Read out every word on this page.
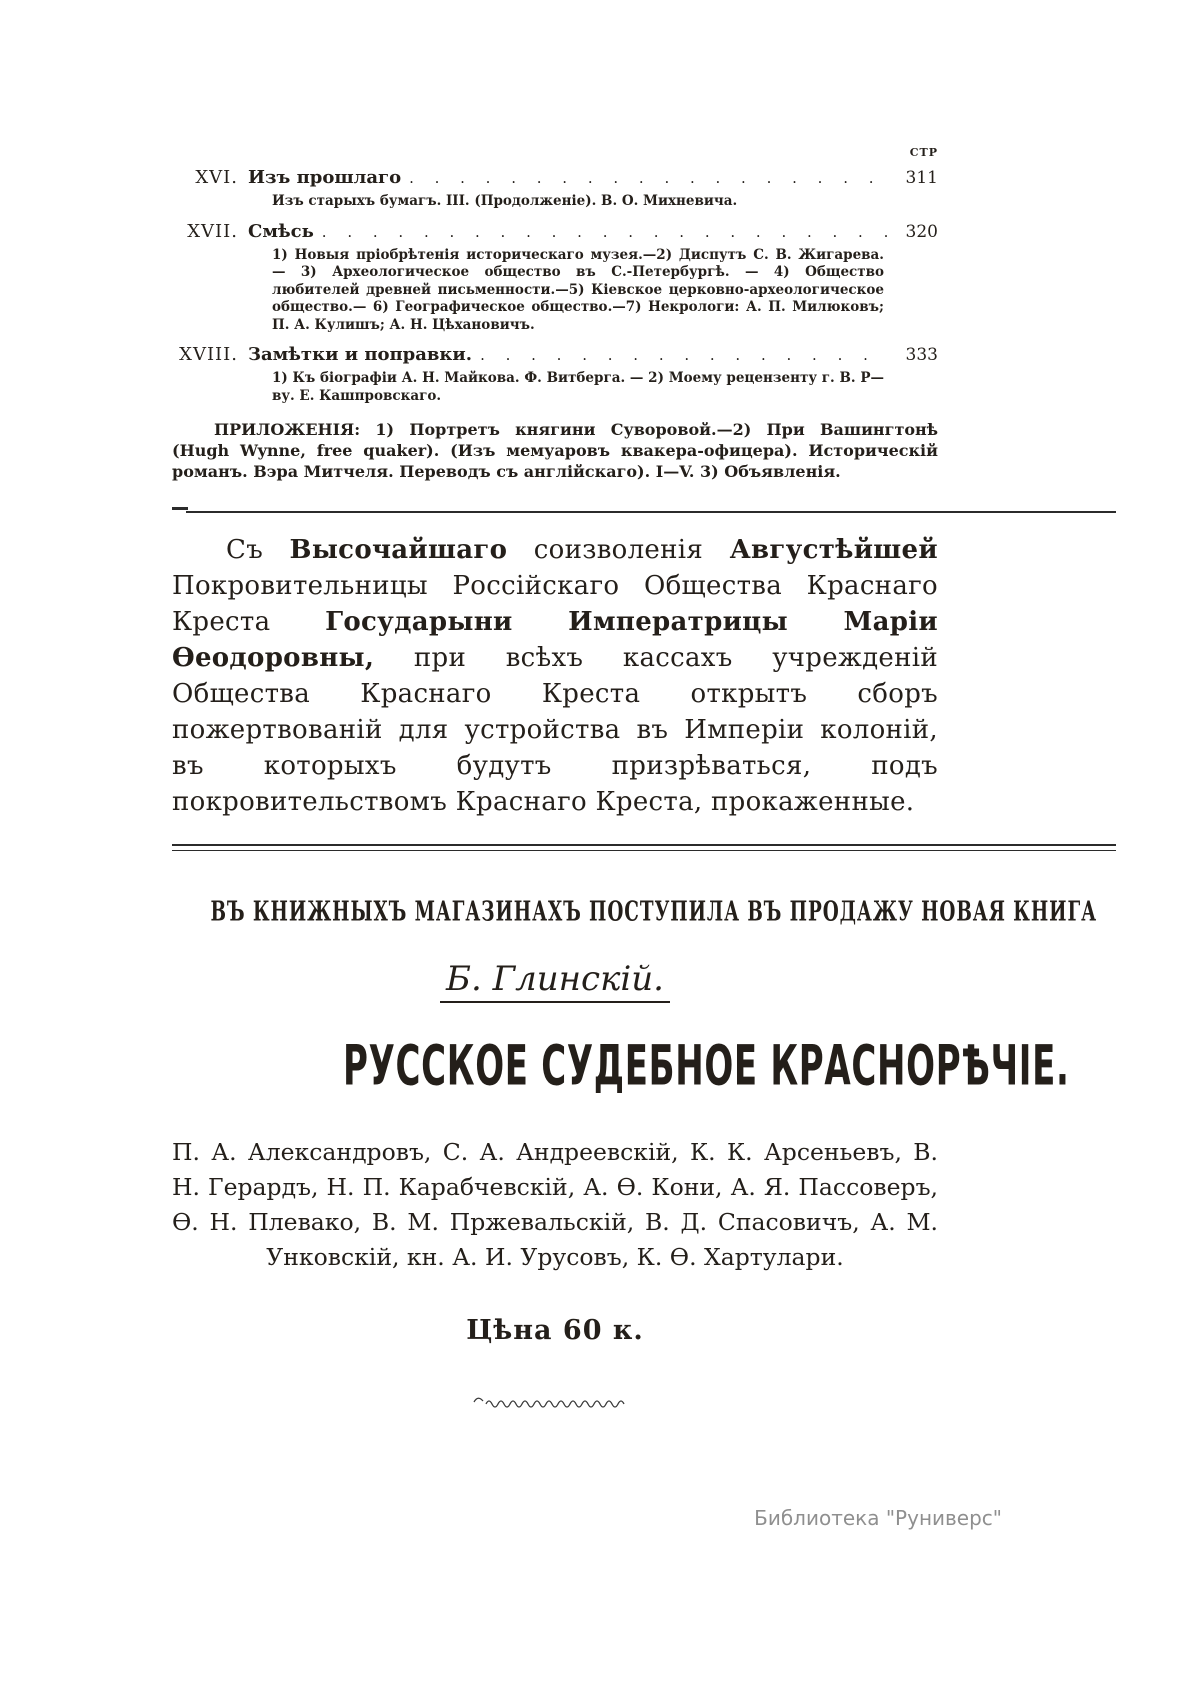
СТР
XVI. Изъ прошлаго . . .	311

Изъ старыхъ бумагъ. III. (Продолженіе). В. О. Михневича.

XVII. Смѣсь . . .	320

1) Новыя пріобрѣтенія историческаго музея.—2) Диспутъ С. В. Жигарева. — 3) Археологическое общество въ С.-Петербургѣ. — 4) Общество любителей древней письменности.—5) Кіевское церковно-археологическое общество.— 6) Географическое общество.—7) Некрологи: А. П. Милюковъ; П. А. Кулишъ; А. Н. Цѣхановичъ.

XVIII. Замѣтки и поправки. . . .	333

1) Къ біографіи А. Н. Майкова. Ф. Витберга. — 2) Моему рецензенту г. В. Р—ву. Е. Кашпровскаго.

ПРИЛОЖЕНІЯ: 1) Портретъ княгини Суворовой.—2) При Вашингтонѣ (Hugh Wynne, free quaker). (Изъ мемуаровъ квакера-офицера). Историческій романъ. Вэра Митчеля. Переводъ съ англійскаго). I—V. 3) Объявленія.

Съ Высочайшаго соизволенія Августѣйшей Покровительницы Россійскаго Общества Краснаго Креста Государыни Императрицы Маріи Ѳеодоровны, при всѣхъ кассахъ учрежденій Общества Краснаго Креста открытъ сборъ пожертвованій для устройства въ Имперіи колоній, въ которыхъ будутъ призрѣваться, подъ покровительствомъ Краснаго Креста, прокаженные.

ВЪ КНИЖНЫХЪ МАГАЗИНАХЪ ПОСТУПИЛА ВЪ ПРОДАЖУ НОВАЯ КНИГА

Б. Глинскій.

РУССКОЕ СУДЕБНОЕ КРАСНОРѢЧІЕ.

П. А. Александровъ, С. А. Андреевскій, К. К. Арсеньевъ, В. Н. Герардъ, Н. П. Карабчевскій, А. Ѳ. Кони, А. Я. Пассоверъ, Ѳ. Н. Плевако, В. М. Пржевальскій, В. Д. Спасовичъ, А. М. Унковскій, кн. А. И. Урусовъ, К. Ѳ. Хартулари.

Цѣна 60 к.

Библиотека "Руниверс"
